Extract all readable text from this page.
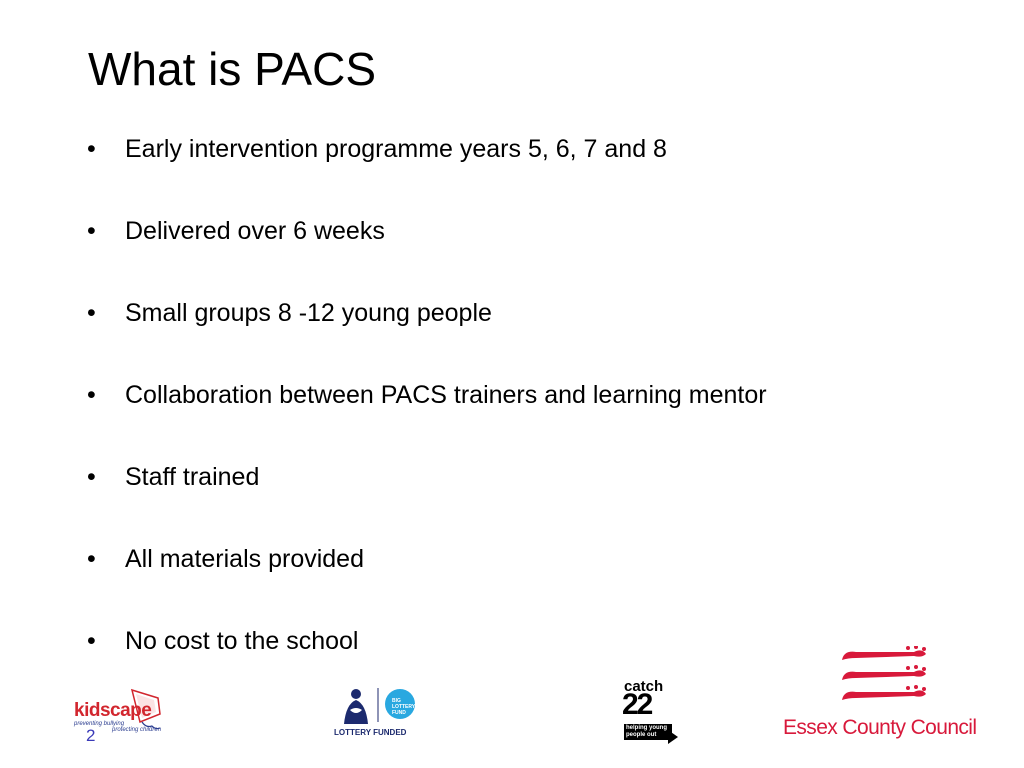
What is PACS
•	Early intervention programme years 5, 6, 7 and 8
•	Delivered over 6 weeks
•	Small groups 8 -12 young people
•	Collaboration between PACS trainers and learning mentor
•	Staff trained
•	All materials provided
•	No cost to the school
kidscape
preventing bullying
protecting children
2
BIG LOTTERY FUND
LOTTERY FUNDED
catch
22
helping young people out	Essex County Council
